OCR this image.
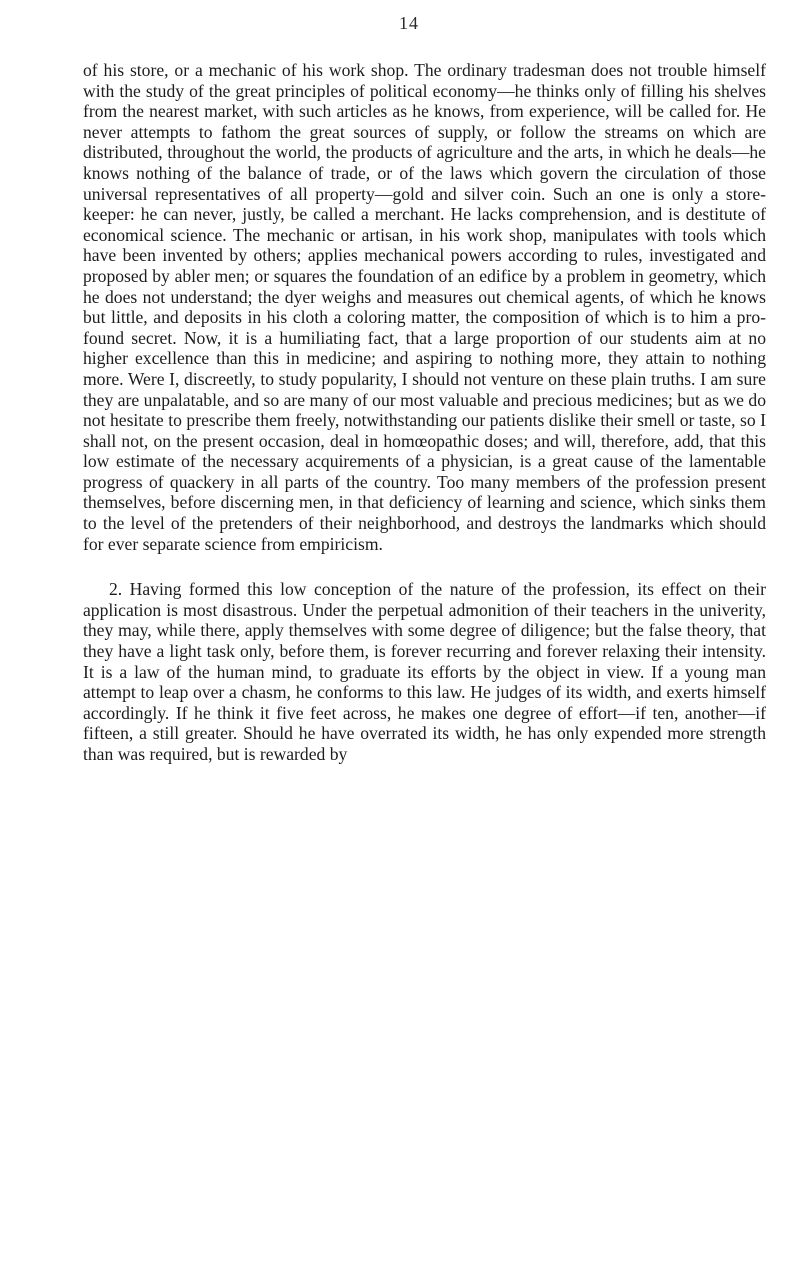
14

of his store, or a mechanic of his work shop. The ordinary tradesman does not trouble himself with the study of the great principles of political economy—he thinks only of filling his shelves from the nearest market, with such articles as he knows, from experience, will be called for. He never attempts to fathom the great sources of supply, or follow the streams on which are distributed, throughout the world, the products of agriculture and the arts, in which he deals—he knows nothing of the balance of trade, or of the laws which govern the circulation of those universal representatives of all property—gold and silver coin. Such an one is only a store-keeper: he can never, justly, be called a merchant. He lacks comprehension, and is destitute of economical science. The mechanic or artisan, in his work shop, manipulates with tools which have been invented by others; applies mechanical powers according to rules, investigated and proposed by abler men; or squares the foundation of an edifice by a problem in geometry, which he does not understand; the dyer weighs and measures out chemical agents, of which he knows but little, and deposits in his cloth a coloring matter, the composition of which is to him a profound secret. Now, it is a humiliating fact, that a large proportion of our students aim at no higher excellence than this in medicine; and aspiring to nothing more, they attain to nothing more. Were I, discreetly, to study popularity, I should not venture on these plain truths. I am sure they are unpalatable, and so are many of our most valuable and precious medicines; but as we do not hesitate to prescribe them freely, notwithstanding our patients dislike their smell or taste, so I shall not, on the present occasion, deal in homœopathic doses; and will, therefore, add, that this low estimate of the necessary acquirements of a physician, is a great cause of the lamentable progress of quackery in all parts of the country. Too many members of the profession present themselves, before discerning men, in that deficiency of learning and science, which sinks them to the level of the pretenders of their neighborhood, and destroys the landmarks which should for ever separate science from empiricism.

2. Having formed this low conception of the nature of the profession, its effect on their application is most disastrous. Under the perpetual admonition of their teachers in the univerity, they may, while there, apply themselves with some degree of diligence; but the false theory, that they have a light task only, before them, is forever recurring and forever relaxing their intensity. It is a law of the human mind, to graduate its efforts by the object in view. If a young man attempt to leap over a chasm, he conforms to this law. He judges of its width, and exerts himself accordingly. If he think it five feet across, he makes one degree of effort—if ten, another—if fifteen, a still greater. Should he have overrated its width, he has only expended more strength than was required, but is rewarded by
